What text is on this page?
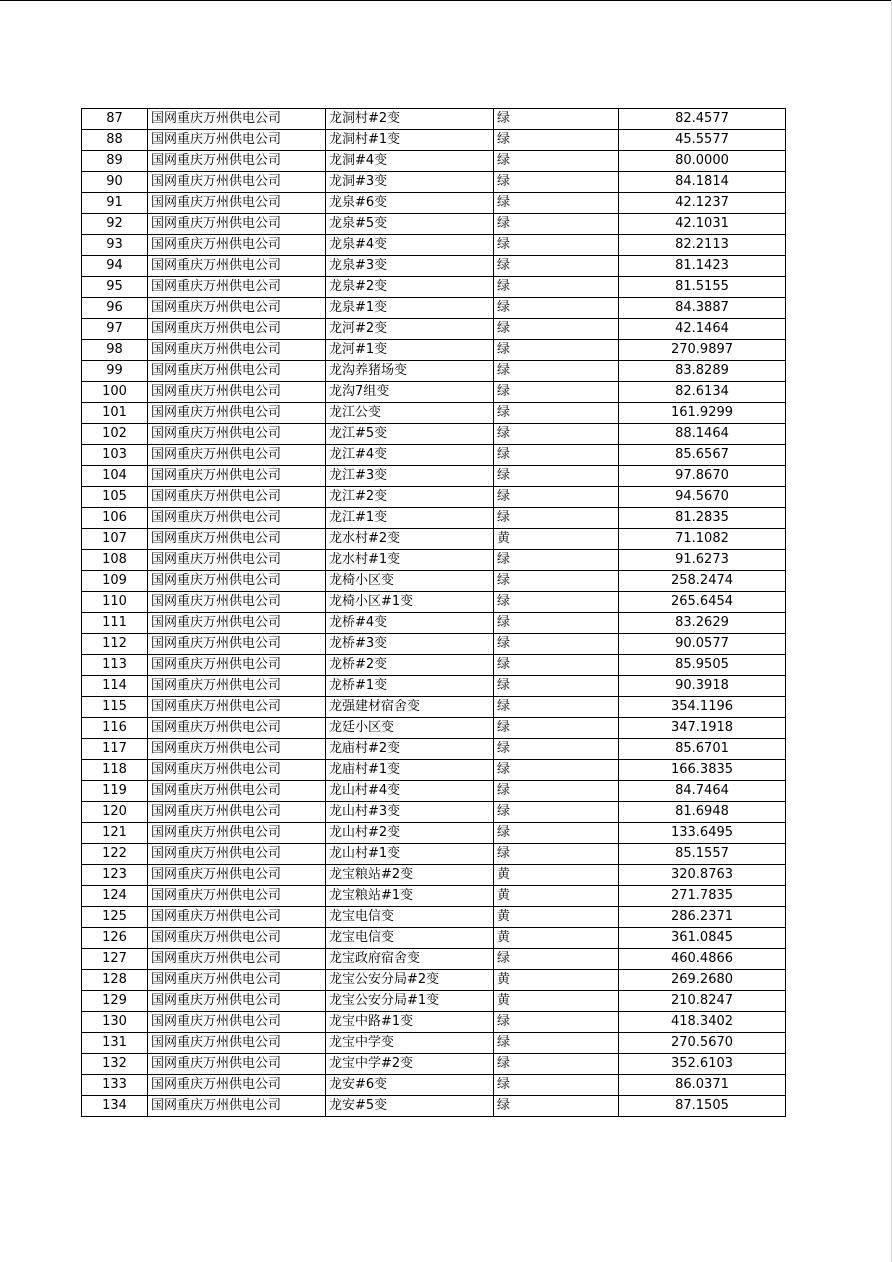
87	国网重庆万州供电公司	龙洞村#2变	绿	82.4577
88	国网重庆万州供电公司	龙洞村#1变	绿	45.5577
89	国网重庆万州供电公司	龙洞#4变	绿	80.0000
90	国网重庆万州供电公司	龙洞#3变	绿	84.1814
91	国网重庆万州供电公司	龙泉#6变	绿	42.1237
92	国网重庆万州供电公司	龙泉#5变	绿	42.1031
93	国网重庆万州供电公司	龙泉#4变	绿	82.2113
94	国网重庆万州供电公司	龙泉#3变	绿	81.1423
95	国网重庆万州供电公司	龙泉#2变	绿	81.5155
96	国网重庆万州供电公司	龙泉#1变	绿	84.3887
97	国网重庆万州供电公司	龙河#2变	绿	42.1464
98	国网重庆万州供电公司	龙河#1变	绿	270.9897
99	国网重庆万州供电公司	龙沟养猪场变	绿	83.8289
100	国网重庆万州供电公司	龙沟7组变	绿	82.6134
101	国网重庆万州供电公司	龙江公变	绿	161.9299
102	国网重庆万州供电公司	龙江#5变	绿	88.1464
103	国网重庆万州供电公司	龙江#4变	绿	85.6567
104	国网重庆万州供电公司	龙江#3变	绿	97.8670
105	国网重庆万州供电公司	龙江#2变	绿	94.5670
106	国网重庆万州供电公司	龙江#1变	绿	81.2835
107	国网重庆万州供电公司	龙水村#2变	黄	71.1082
108	国网重庆万州供电公司	龙水村#1变	绿	91.6273
109	国网重庆万州供电公司	龙椅小区变	绿	258.2474
110	国网重庆万州供电公司	龙椅小区#1变	绿	265.6454
111	国网重庆万州供电公司	龙桥#4变	绿	83.2629
112	国网重庆万州供电公司	龙桥#3变	绿	90.0577
113	国网重庆万州供电公司	龙桥#2变	绿	85.9505
114	国网重庆万州供电公司	龙桥#1变	绿	90.3918
115	国网重庆万州供电公司	龙强建材宿舍变	绿	354.1196
116	国网重庆万州供电公司	龙廷小区变	绿	347.1918
117	国网重庆万州供电公司	龙庙村#2变	绿	85.6701
118	国网重庆万州供电公司	龙庙村#1变	绿	166.3835
119	国网重庆万州供电公司	龙山村#4变	绿	84.7464
120	国网重庆万州供电公司	龙山村#3变	绿	81.6948
121	国网重庆万州供电公司	龙山村#2变	绿	133.6495
122	国网重庆万州供电公司	龙山村#1变	绿	85.1557
123	国网重庆万州供电公司	龙宝粮站#2变	黄	320.8763
124	国网重庆万州供电公司	龙宝粮站#1变	黄	271.7835
125	国网重庆万州供电公司	龙宝电信变	黄	286.2371
126	国网重庆万州供电公司	龙宝电信变	黄	361.0845
127	国网重庆万州供电公司	龙宝政府宿舍变	绿	460.4866
128	国网重庆万州供电公司	龙宝公安分局#2变	黄	269.2680
129	国网重庆万州供电公司	龙宝公安分局#1变	黄	210.8247
130	国网重庆万州供电公司	龙宝中路#1变	绿	418.3402
131	国网重庆万州供电公司	龙宝中学变	绿	270.5670
132	国网重庆万州供电公司	龙宝中学#2变	绿	352.6103
133	国网重庆万州供电公司	龙安#6变	绿	86.0371
134	国网重庆万州供电公司	龙安#5变	绿	87.1505
